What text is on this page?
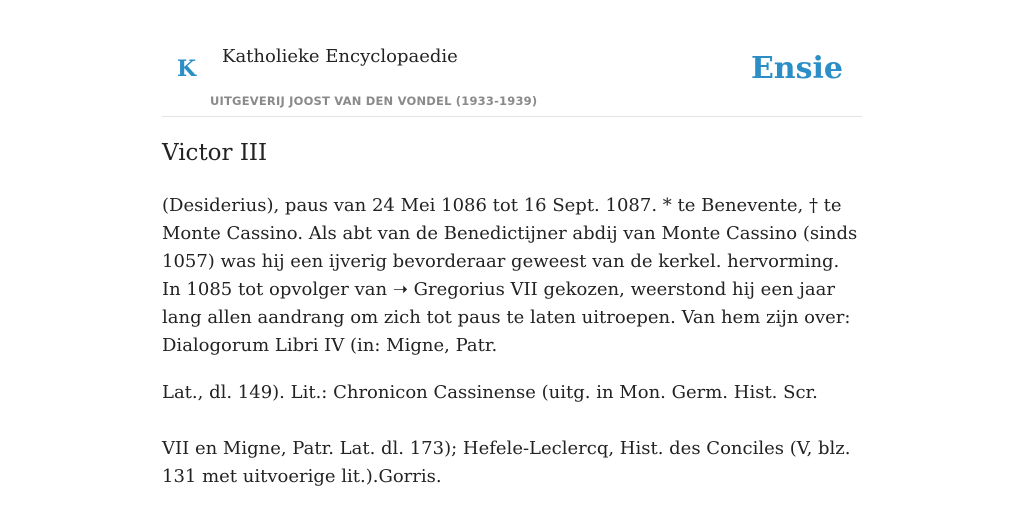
K Katholieke Encyclopaedie
UITGEVERIJ JOOST VAN DEN VONDEL (1933-1939)
Ensie
Victor III

(Desiderius), paus van 24 Mei 1086 tot 16 Sept. 1087. * te Benevente, † te Monte Cassino. Als abt van de Benedictijner abdij van Monte Cassino (sinds 1057) was hij een ijverig bevorderaar geweest van de kerkel. hervorming. In 1085 tot opvolger van ➝ Gregorius VII gekozen, weerstond hij een jaar lang allen aandrang om zich tot paus te laten uitroepen. Van hem zijn over: Dialogorum Libri IV (in: Migne, Patr.

Lat., dl. 149). Lit.: Chronicon Cassinense (uitg. in Mon. Germ. Hist. Scr.

VII en Migne, Patr. Lat. dl. 173); Hefele-Leclercq, Hist. des Conciles (V, blz. 131 met uitvoerige lit.).Gorris.
